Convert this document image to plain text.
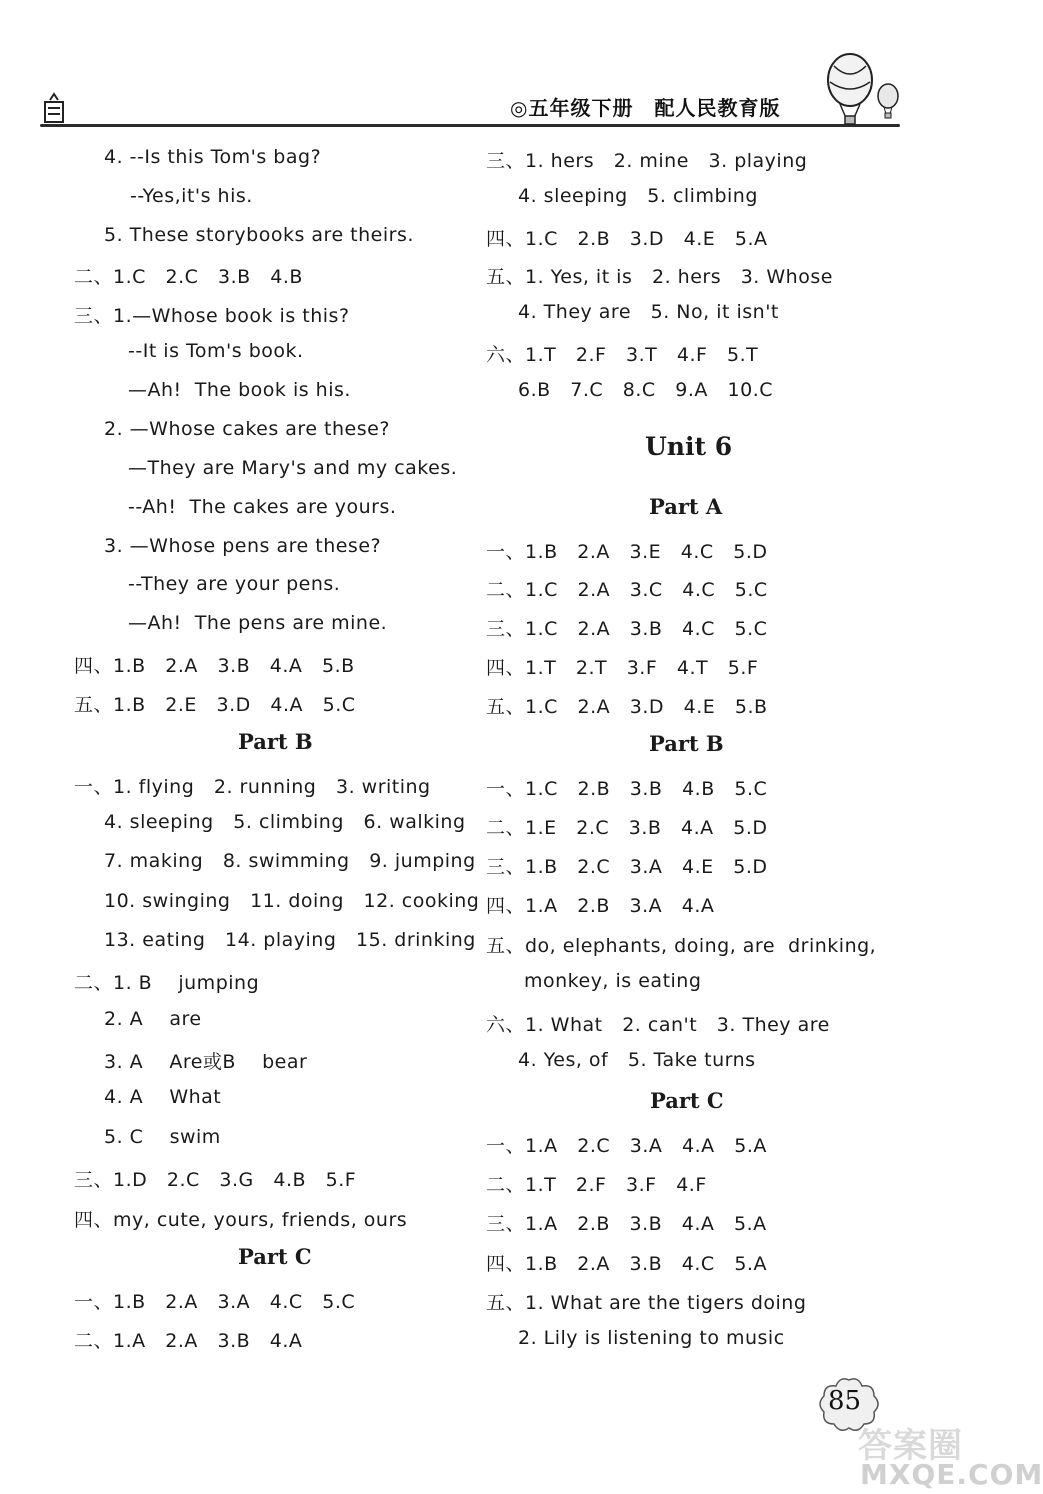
◎五年级下册　配人民教育版
4. --Is this Tom's bag?
--Yes,it's his.
5. These storybooks are theirs.
二、1.C   2.C   3.B   4.B
三、1.—Whose book is this?
--It is Tom's book.
—Ah!  The book is his.
2. —Whose cakes are these?
—They are Mary's and my cakes.
--Ah!  The cakes are yours.
3. —Whose pens are these?
--They are your pens.
—Ah!  The pens are mine.
四、1.B   2.A   3.B   4.A   5.B
五、1.B   2.E   3.D   4.A   5.C
Part B
一、1. flying   2. running   3. writing
4. sleeping   5. climbing   6. walking
7. making   8. swimming   9. jumping
10. swinging   11. doing   12. cooking
13. eating   14. playing   15. drinking
二、1. B    jumping
2. A    are
3. A    Are或B    bear
4. A    What
5. C    swim
三、1.D   2.C   3.G   4.B   5.F
四、my, cute, yours, friends, ours
Part C
一、1.B   2.A   3.A   4.C   5.C
二、1.A   2.A   3.B   4.A
三、1. hers   2. mine   3. playing
4. sleeping   5. climbing
四、1.C   2.B   3.D   4.E   5.A
五、1. Yes, it is   2. hers   3. Whose
4. They are   5. No, it isn't
六、1.T   2.F   3.T   4.F   5.T
6.B   7.C   8.C   9.A   10.C
Unit 6
Part A
一、1.B   2.A   3.E   4.C   5.D
二、1.C   2.A   3.C   4.C   5.C
三、1.C   2.A   3.B   4.C   5.C
四、1.T   2.T   3.F   4.T   5.F
五、1.C   2.A   3.D   4.E   5.B
Part B
一、1.C   2.B   3.B   4.B   5.C
二、1.E   2.C   3.B   4.A   5.D
三、1.B   2.C   3.A   4.E   5.D
四、1.A   2.B   3.A   4.A
五、do, elephants, doing, are  drinking,
monkey, is eating
六、1. What   2. can't   3. They are
4. Yes, of   5. Take turns
Part C
一、1.A   2.C   3.A   4.A   5.A
二、1.T   2.F   3.F   4.F
三、1.A   2.B   3.B   4.A   5.A
四、1.B   2.A   3.B   4.C   5.A
五、1. What are the tigers doing
2. Lily is listening to music
85
答案圈
MXQE.COM
